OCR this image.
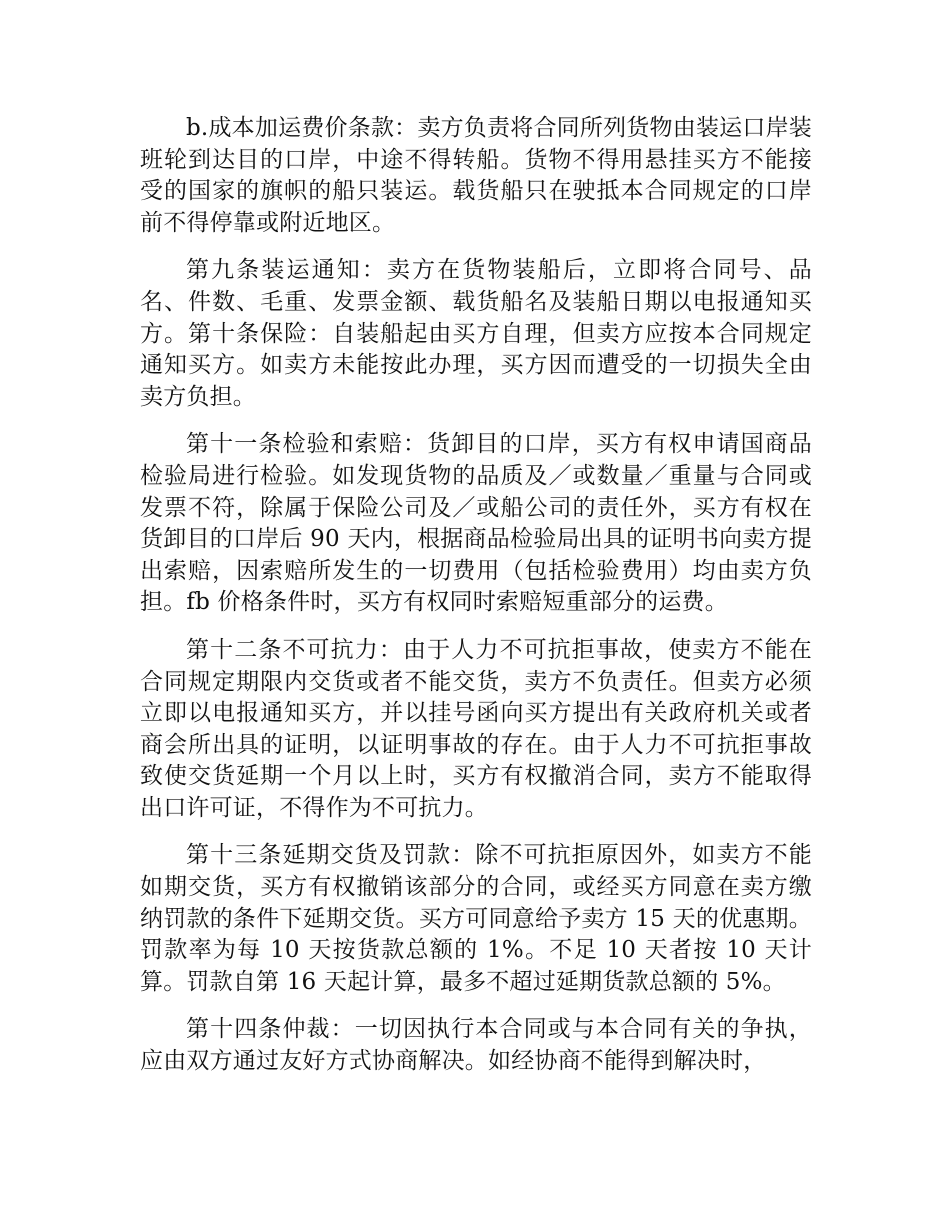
b.成本加运费价条款：卖方负责将合同所列货物由装运口岸装班轮到达目的口岸，中途不得转船。货物不得用悬挂买方不能接受的国家的旗帜的船只装运。载货船只在驶抵本合同规定的口岸前不得停靠或附近地区。

第九条装运通知：卖方在货物装船后，立即将合同号、品名、件数、毛重、发票金额、载货船名及装船日期以电报通知买方。第十条保险：自装船起由买方自理，但卖方应按本合同规定通知买方。如卖方未能按此办理，买方因而遭受的一切损失全由卖方负担。

第十一条检验和索赔：货卸目的口岸，买方有权申请国商品检验局进行检验。如发现货物的品质及／或数量／重量与合同或发票不符，除属于保险公司及／或船公司的责任外，买方有权在货卸目的口岸后 90 天内，根据商品检验局出具的证明书向卖方提出索赔，因索赔所发生的一切费用（包括检验费用）均由卖方负担。fb 价格条件时，买方有权同时索赔短重部分的运费。

第十二条不可抗力：由于人力不可抗拒事故，使卖方不能在合同规定期限内交货或者不能交货，卖方不负责任。但卖方必须立即以电报通知买方，并以挂号函向买方提出有关政府机关或者商会所出具的证明，以证明事故的存在。由于人力不可抗拒事故致使交货延期一个月以上时，买方有权撤消合同，卖方不能取得出口许可证，不得作为不可抗力。

第十三条延期交货及罚款：除不可抗拒原因外，如卖方不能如期交货，买方有权撤销该部分的合同，或经买方同意在卖方缴纳罚款的条件下延期交货。买方可同意给予卖方 15 天的优惠期。罚款率为每 10 天按货款总额的 1%。不足 10 天者按 10 天计算。罚款自第 16 天起计算，最多不超过延期货款总额的 5%。

第十四条仲裁：一切因执行本合同或与本合同有关的争执，应由双方通过友好方式协商解决。如经协商不能得到解决时，
